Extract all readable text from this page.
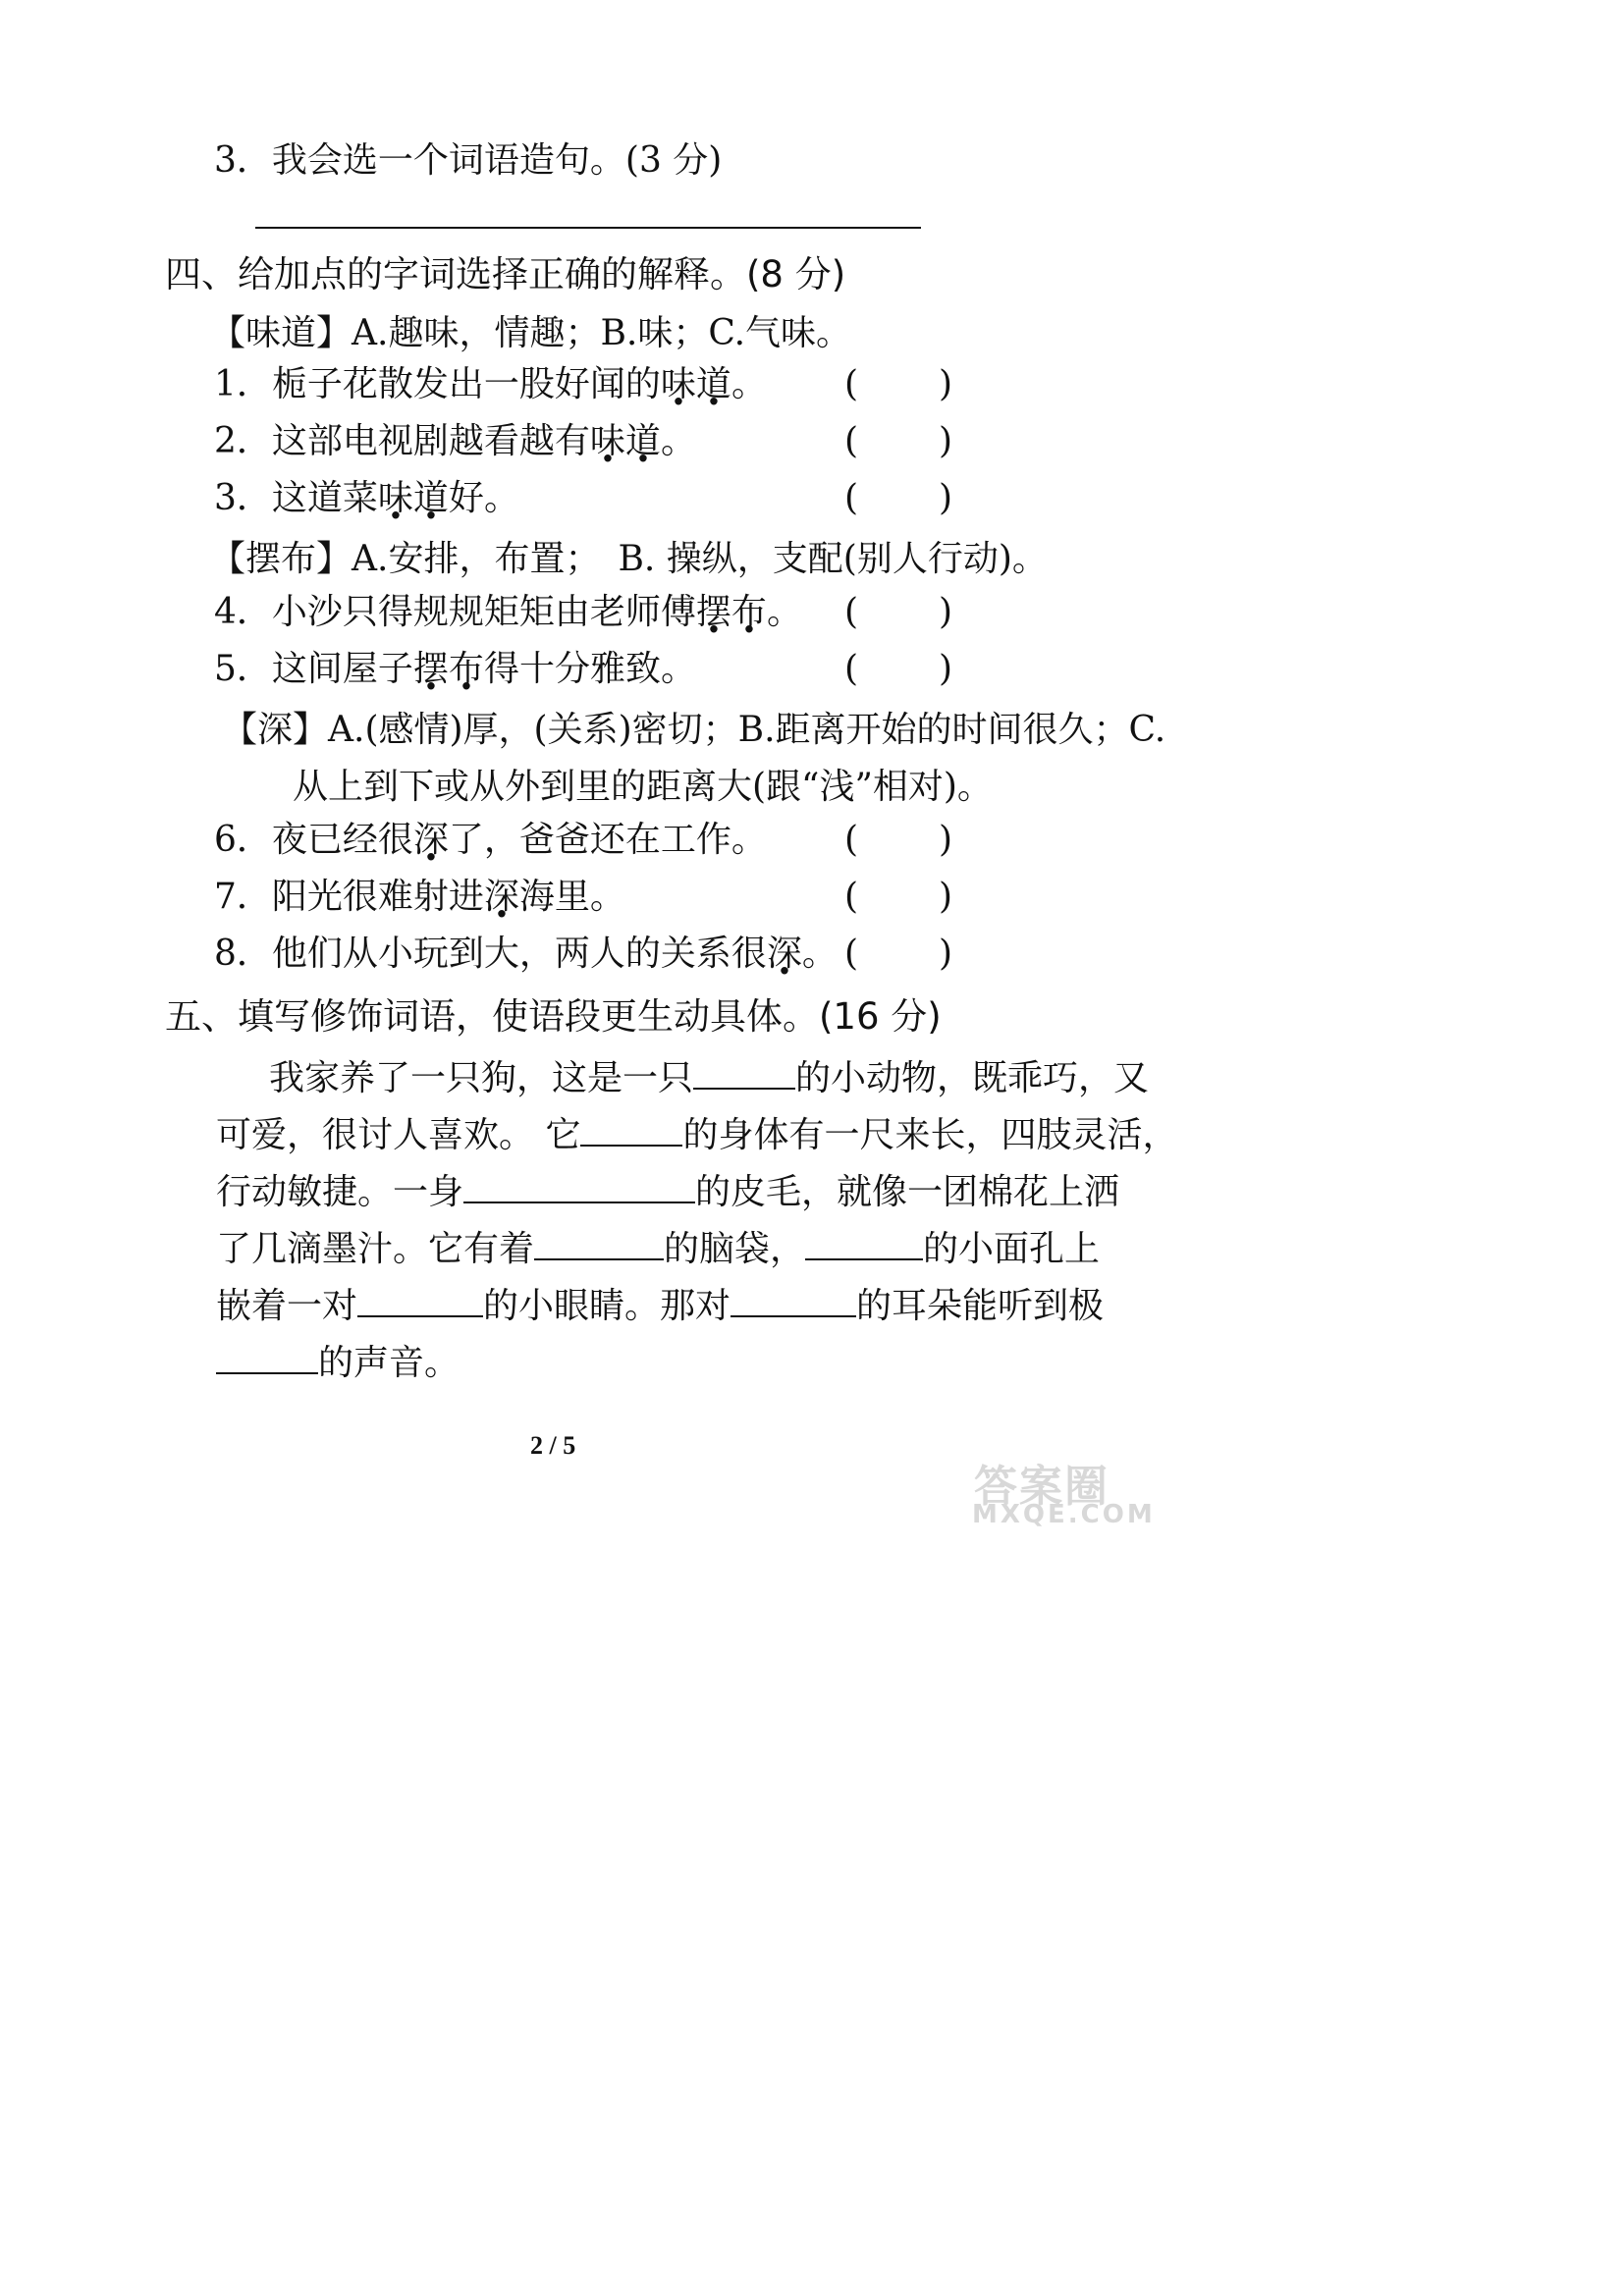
3．我会选一个词语造句。(3 分)
四、给加点的字词选择正确的解释。(8 分)
【味道】A.趣味，情趣；B.味；C.气味。
1．栀子花散发出一股好闻的味道。 ( )
2．这部电视剧越看越有味道。	( )
3．这道菜味道好。	( )
【摆布】A.安排，布置；　B. 操纵，支配(别人行动)。
4．小沙只得规规矩矩由老师傅摆布。 ( )
5．这间屋子摆布得十分雅致。	( )
【深】A.(感情)厚，(关系)密切；B.距离开始的时间很久；C.
从上到下或从外到里的距离大(跟“浅”相对)。
6．夜已经很深了，爸爸还在工作。 ( )
7．阳光很难射进深海里。	( )
8．他们从小玩到大，两人的关系很深。 ( )
五、填写修饰词语，使语段更生动具体。(16 分)
我家养了一只狗，这是一只	的小动物，既乖巧，又
可爱，很讨人喜欢。 它	的身体有一尺来长，四肢灵活，
行动敏捷。一身	的皮毛，就像一团棉花上洒
了几滴墨汁。它有着	的脑袋，	的小面孔上
嵌着一对	的小眼睛。那对	的耳朵能听到极
的声音。
2 / 5
答案圈
MXQE.COM
